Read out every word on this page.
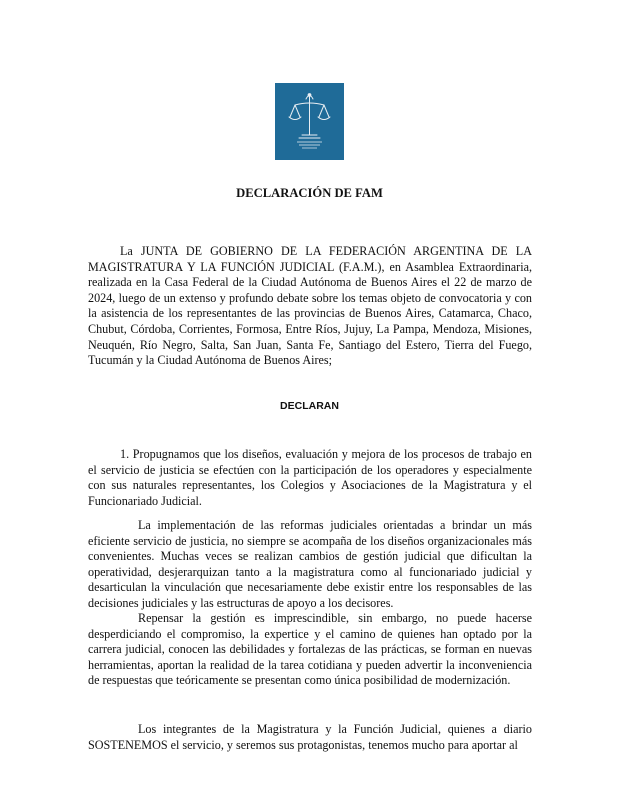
DECLARACIÓN DE FAM

La JUNTA DE GOBIERNO DE LA FEDERACIÓN ARGENTINA DE LA MAGISTRATURA Y LA FUNCIÓN JUDICIAL (F.A.M.), en Asamblea Extraordinaria, realizada en la Casa Federal de la Ciudad Autónoma de Buenos Aires el 22 de marzo de 2024, luego de un extenso y profundo debate sobre los temas objeto de convocatoria y con la asistencia de los representantes de las provincias de Buenos Aires, Catamarca, Chaco, Chubut, Córdoba, Corrientes, Formosa, Entre Ríos, Jujuy, La Pampa, Mendoza, Misiones, Neuquén, Río Negro, Salta, San Juan, Santa Fe, Santiago del Estero, Tierra del Fuego, Tucumán y la Ciudad Autónoma de Buenos Aires;

DECLARAN

1. Propugnamos que los diseños, evaluación y mejora de los procesos de trabajo en el servicio de justicia se efectúen con la participación de los operadores y especialmente con sus naturales representantes, los Colegios y Asociaciones de la Magistratura y el Funcionariado Judicial.

La implementación de las reformas judiciales orientadas a brindar un más eficiente servicio de justicia, no siempre se acompaña de los diseños organizacionales más convenientes. Muchas veces se realizan cambios de gestión judicial que dificultan la operatividad, desjerarquizan tanto a la magistratura como al funcionariado judicial y desarticulan la vinculación que necesariamente debe existir entre los responsables de las decisiones judiciales y las estructuras de apoyo a los decisores.

Repensar la gestión es imprescindible, sin embargo, no puede hacerse desperdiciando el compromiso, la expertice y el camino de quienes han optado por la carrera judicial, conocen las debilidades y fortalezas de las prácticas, se forman en nuevas herramientas, aportan la realidad de la tarea cotidiana y pueden advertir la inconveniencia de respuestas que teóricamente se presentan como única posibilidad de modernización.

Los integrantes de la Magistratura y la Función Judicial, quienes a diario SOSTENEMOS el servicio, y seremos sus protagonistas, tenemos mucho para aportar al
